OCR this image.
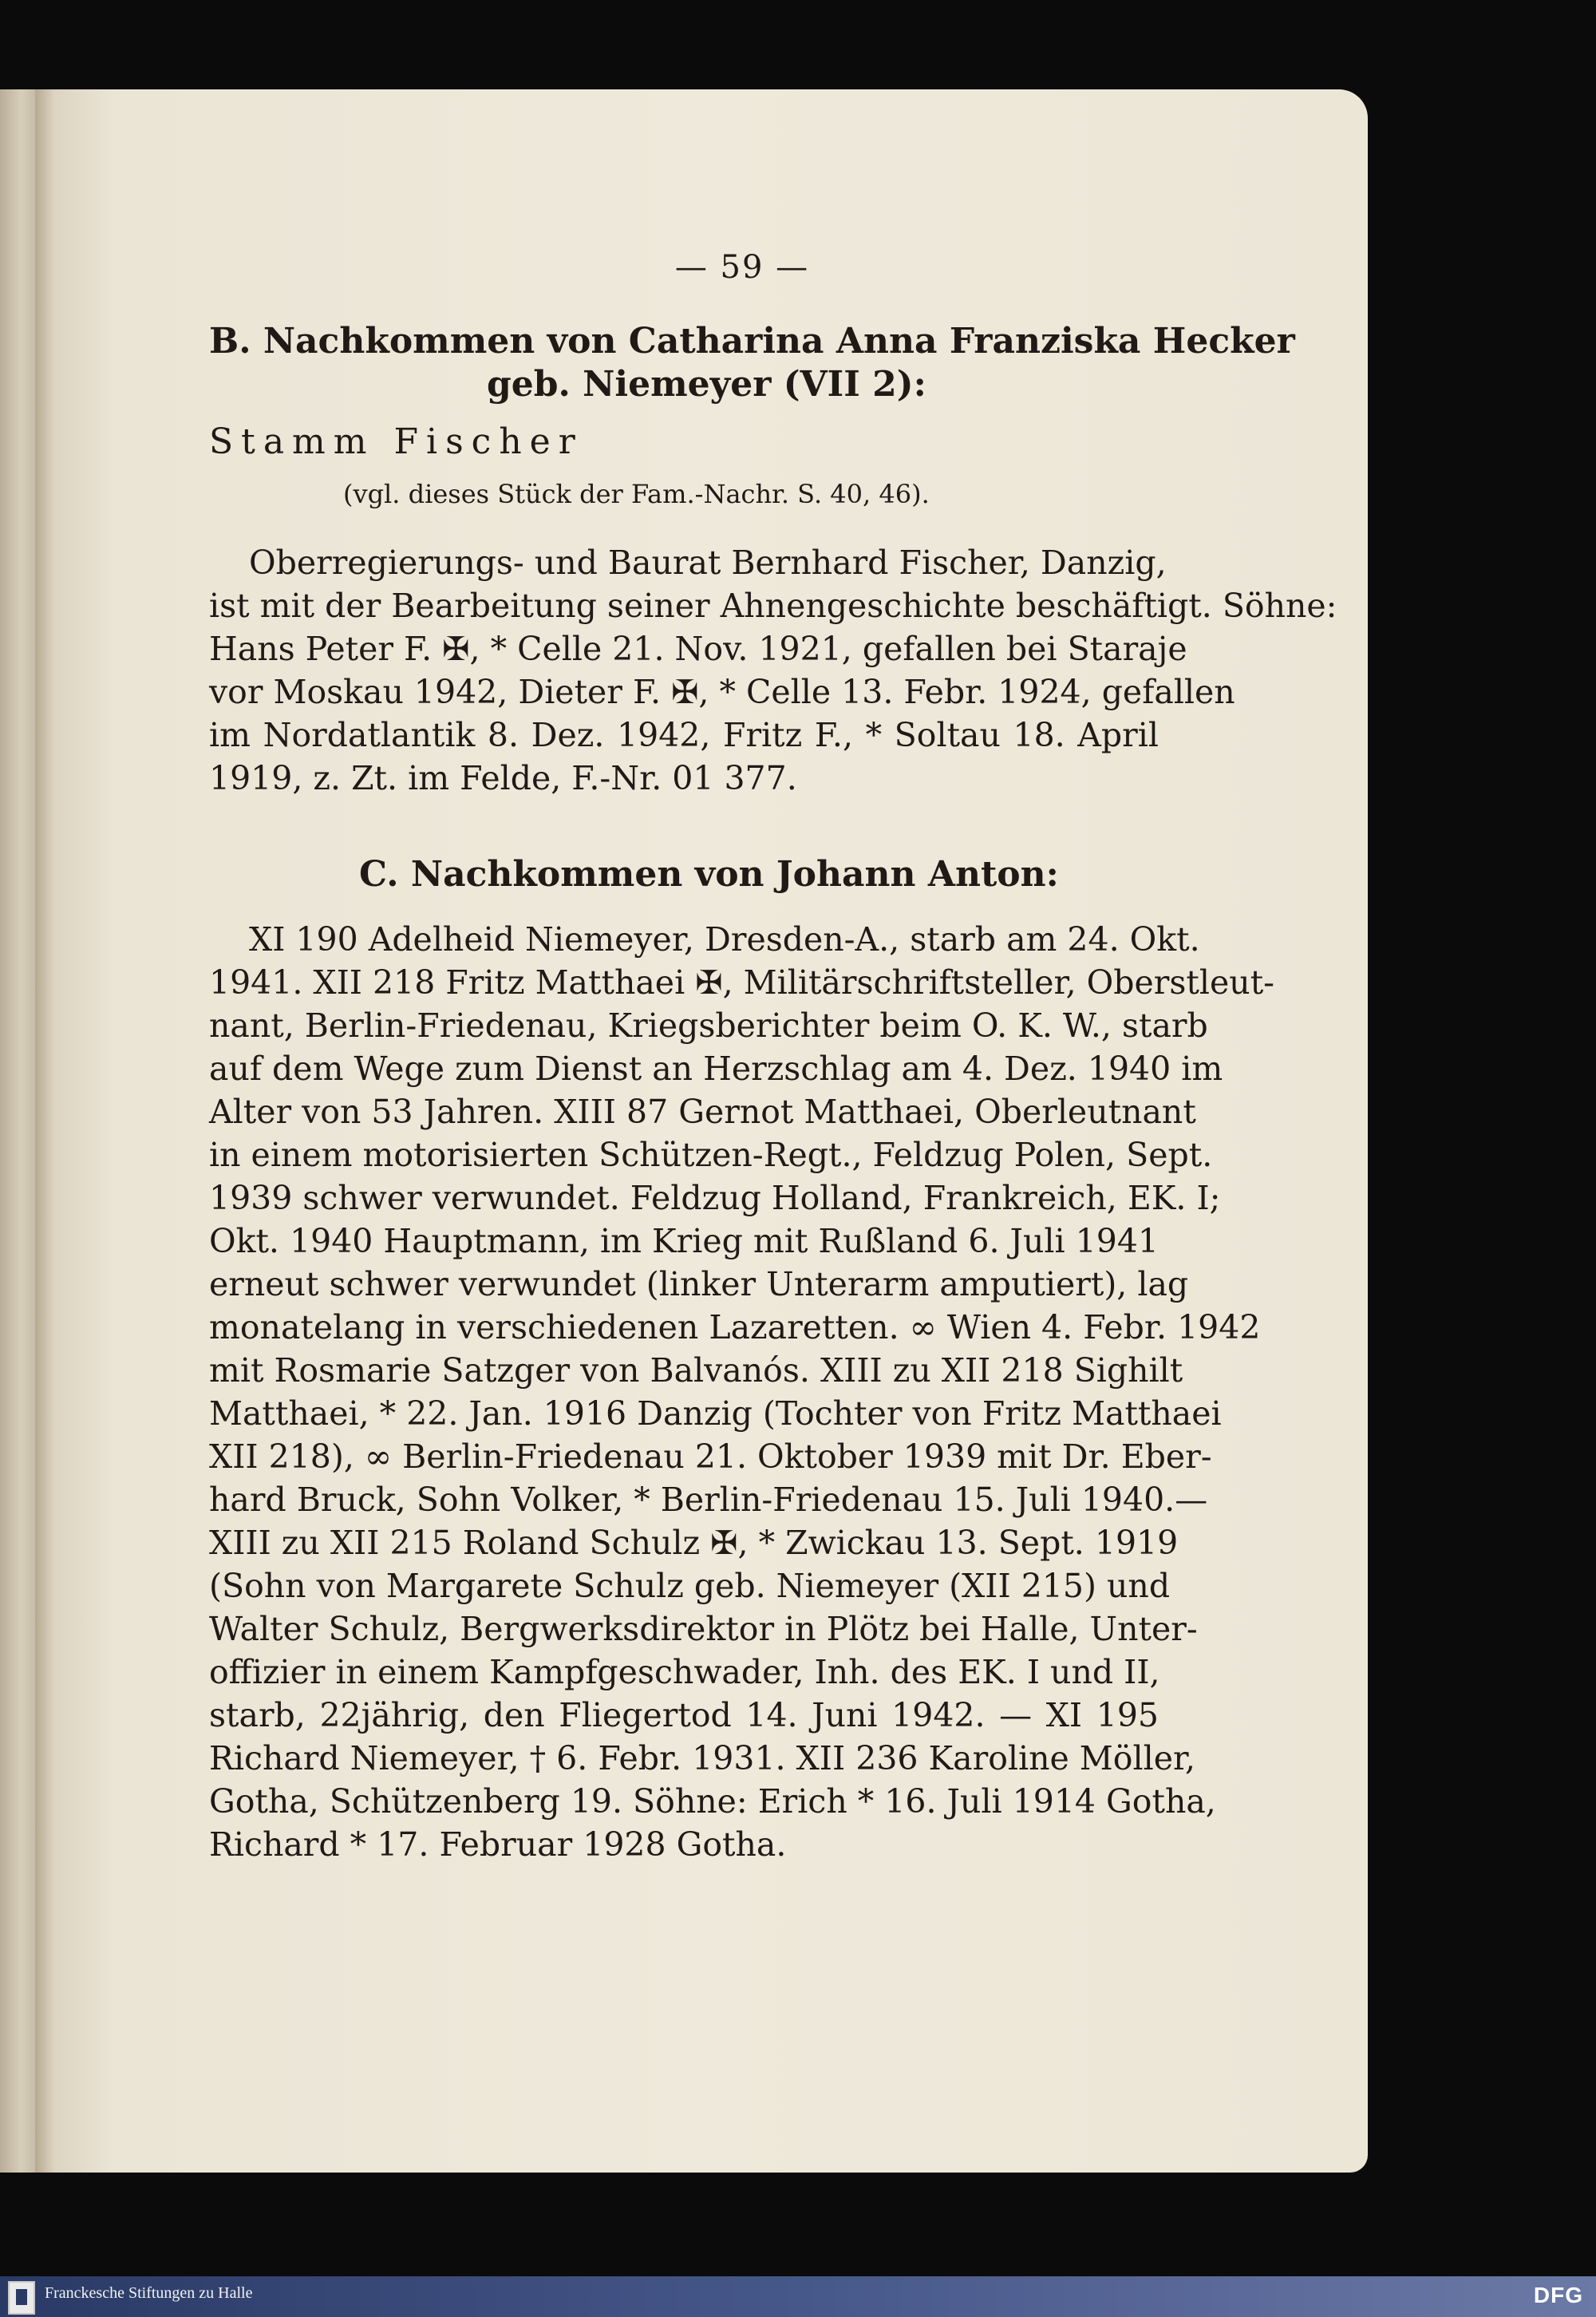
— 59 —
B. Nachkommen von Catharina Anna Franziska Hecker
geb. Niemeyer (VII 2):
Stamm Fischer
(vgl. dieses Stück der Fam.-Nachr. S. 40, 46).
Oberregierungs- und Baurat Bernhard Fischer, Danzig,
ist mit der Bearbeitung seiner Ahnengeschichte beschäftigt. Söhne:
Hans Peter F. ✠, * Celle 21. Nov. 1921, gefallen bei Staraje
vor Moskau 1942, Dieter F. ✠, * Celle 13. Febr. 1924, gefallen
im Nordatlantik 8. Dez. 1942, Fritz F., * Soltau 18. April
1919, z. Zt. im Felde, F.-Nr. 01 377.
C. Nachkommen von Johann Anton:
XI 190 Adelheid Niemeyer, Dresden-A., starb am 24. Okt.
1941. XII 218 Fritz Matthaei ✠, Militärschriftsteller, Oberstleut-
nant, Berlin-Friedenau, Kriegsberichter beim O. K. W., starb
auf dem Wege zum Dienst an Herzschlag am 4. Dez. 1940 im
Alter von 53 Jahren. XIII 87 Gernot Matthaei, Oberleutnant
in einem motorisierten Schützen-Regt., Feldzug Polen, Sept.
1939 schwer verwundet. Feldzug Holland, Frankreich, EK. I;
Okt. 1940 Hauptmann, im Krieg mit Rußland 6. Juli 1941
erneut schwer verwundet (linker Unterarm amputiert), lag
monatelang in verschiedenen Lazaretten. ∞ Wien 4. Febr. 1942
mit Rosmarie Satzger von Balvanós. XIII zu XII 218 Sighilt
Matthaei, * 22. Jan. 1916 Danzig (Tochter von Fritz Matthaei
XII 218), ∞ Berlin-Friedenau 21. Oktober 1939 mit Dr. Eber-
hard Bruck, Sohn Volker, * Berlin-Friedenau 15. Juli 1940.—
XIII zu XII 215 Roland Schulz ✠, * Zwickau 13. Sept. 1919
(Sohn von Margarete Schulz geb. Niemeyer (XII 215) und
Walter Schulz, Bergwerksdirektor in Plötz bei Halle, Unter-
offizier in einem Kampfgeschwader, Inh. des EK. I und II,
starb, 22jährig, den Fliegertod 14. Juni 1942. — XI 195
Richard Niemeyer, † 6. Febr. 1931. XII 236 Karoline Möller,
Gotha, Schützenberg 19. Söhne: Erich * 16. Juli 1914 Gotha,
Richard * 17. Februar 1928 Gotha.
Franckesche Stiftungen zu Halle	DFG
